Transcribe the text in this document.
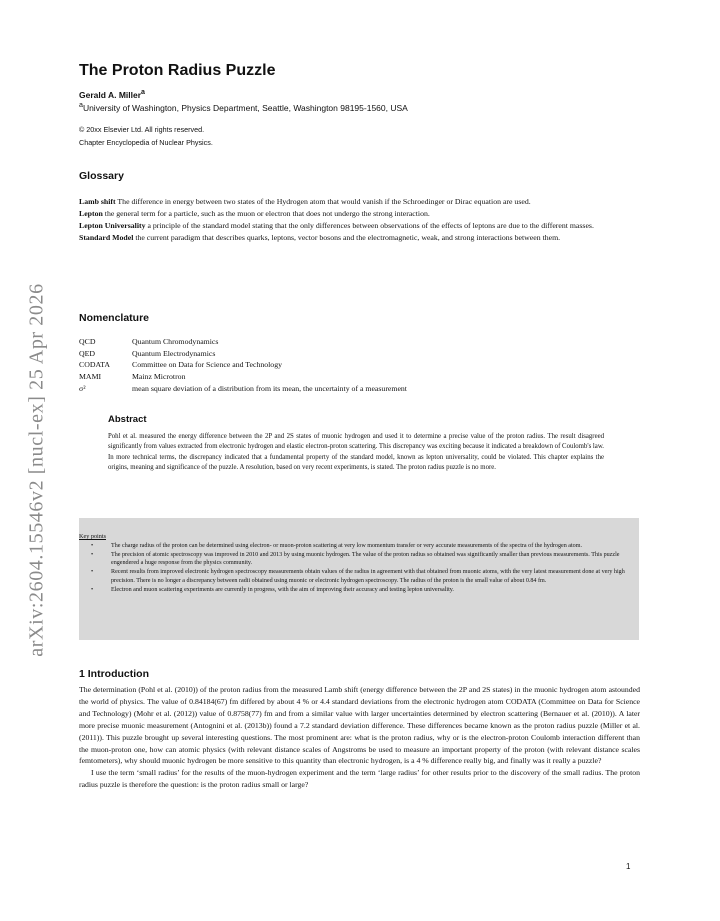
arXiv:2604.15546v2 [nucl-ex] 25 Apr 2026
The Proton Radius Puzzle
Gerald A. Miller$^a$
$^a$University of Washington, Physics Department, Seattle, Washington 98195-1560, USA
© 20xx Elsevier Ltd. All rights reserved.
Chapter Encyclopedia of Nuclear Physics.
Glossary

Lamb shift The difference in energy between two states of the Hydrogen atom that would vanish if the Schroedinger or Dirac equation are used.

Lepton the general term for a particle, such as the muon or electron that does not undergo the strong interaction.

Lepton Universality a principle of the standard model stating that the only differences between observations of the effects of leptons are due to the different masses.

Standard Model the current paradigm that describes quarks, leptons, vector bosons and the electromagnetic, weak, and strong interactions between them.

Nomenclature
QCD	Quantum Chromodynamics
QED	Quantum Electrodynamics
CODATA	Committee on Data for Science and Technology
MAMI	Mainz Microtron
σ²	mean square deviation of a distribution from its mean, the uncertainty of a measurement
Abstract
Pohl et al. measured the energy difference between the 2P and 2S states of muonic hydrogen and used it to determine a precise value of the proton radius. The result disagreed significantly from values extracted from electronic hydrogen and elastic electron-proton scattering. This discrepancy was exciting because it indicated a breakdown of Coulomb's law. In more technical terms, the discrepancy indicated that a fundamental property of the standard model, known as lepton universality, could be violated. This chapter explains the origins, meaning and significance of the puzzle. A resolution, based on very recent experiments, is stated. The proton radius puzzle is no more.
Key points
• The charge radius of the proton can be determined using electron- or muon-proton scattering at very low momentum transfer or very accurate measurements of the spectra of the hydrogen atom.
• The precision of atomic spectroscopy was improved in 2010 and 2013 by using muonic hydrogen. The value of the proton radius so obtained was significantly smaller than previous measurements. This puzzle engendered a huge response from the physics community.
• Recent results from improved electronic hydrogen spectroscopy measurements obtain values of the radius in agreement with that obtained from muonic atoms, with the very latest measurement done at very high precision. There is no longer a discrepancy between radii obtained using muonic or electronic hydrogen spectroscopy. The radius of the proton is the small value of about 0.84 fm.
• Electron and muon scattering experiments are currently in progress, with the aim of improving their accuracy and testing lepton universality.
1 Introduction

The determination (Pohl et al. (2010)) of the proton radius from the measured Lamb shift (energy difference between the 2P and 2S states) in the muonic hydrogen atom astounded the world of physics. The value of 0.84184(67) fm differed by about 4 % or 4.4 standard deviations from the electronic hydrogen atom CODATA (Committee on Data for Science and Technology) (Mohr et al. (2012)) value of 0.8758(77) fm and from a similar value with larger uncertainties determined by electron scattering (Bernauer et al. (2010)). A later more precise muonic measurement (Antognini et al. (2013b)) found a 7.2 standard deviation difference. These differences became known as the proton radius puzzle (Miller et al. (2011)). This puzzle brought up several interesting questions. The most prominent are: what is the proton radius, why or is the electron-proton Coulomb interaction different than the muon-proton one, how can atomic physics (with relevant distance scales of Angstroms be used to measure an important property of the proton (with relevant distance scales femtometers), why should muonic hydrogen be more sensitive to this quantity than electronic hydrogen, is a 4 % difference really big, and finally was it really a puzzle?

I use the term ‘small radius’ for the results of the muon-hydrogen experiment and the term ‘large radius’ for other results prior to the discovery of the small radius. The proton radius puzzle is therefore the question: is the proton radius small or large?

1
